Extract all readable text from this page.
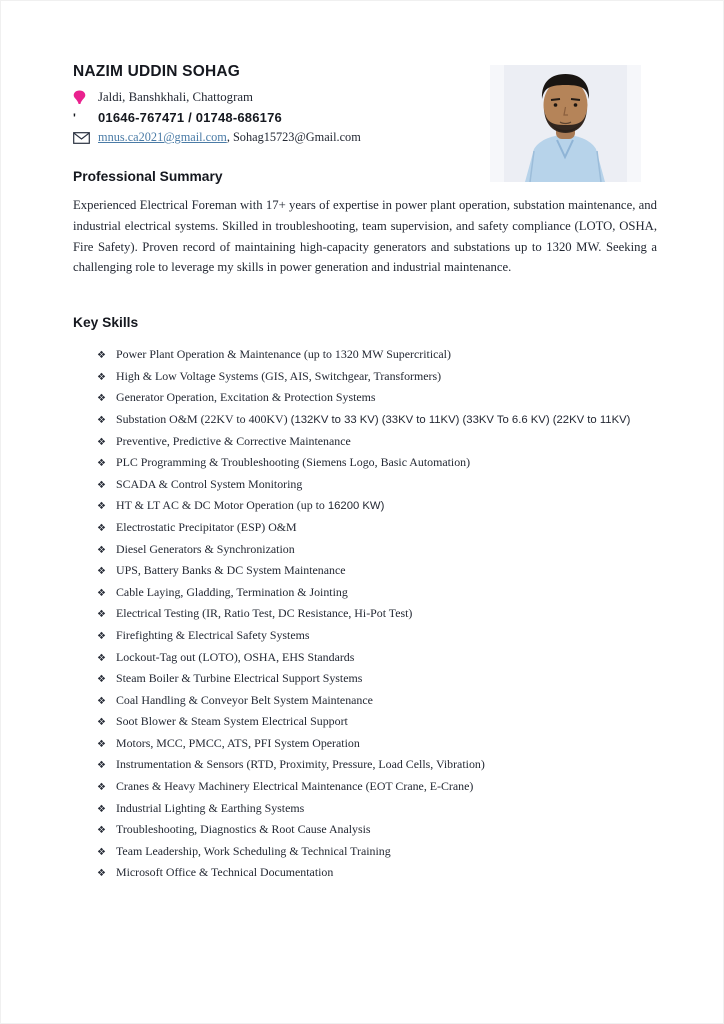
NAZIM UDDIN SOHAG
Jaldi, Banshkhali, Chattogram
'	01646-767471 / 01748-686176
mnus.ca2021@gmail.com, Sohag15723@Gmail.com
Professional Summary

Experienced Electrical Foreman with 17+ years of expertise in power plant operation, substation maintenance, and industrial electrical systems. Skilled in troubleshooting, team supervision, and safety compliance (LOTO, OSHA, Fire Safety). Proven record of maintaining high-capacity generators and substations up to 1320 MW. Seeking a challenging role to leverage my skills in power generation and industrial maintenance.

Key Skills
❖ Power Plant Operation & Maintenance (up to 1320 MW Supercritical)
❖ High & Low Voltage Systems (GIS, AIS, Switchgear, Transformers)
❖ Generator Operation, Excitation & Protection Systems
❖ Substation O&M (22KV to 400KV) (132KV to 33 KV) (33KV to 11KV) (33KV To 6.6 KV) (22KV to 11KV)
❖ Preventive, Predictive & Corrective Maintenance
❖ PLC Programming & Troubleshooting (Siemens Logo, Basic Automation)
❖ SCADA & Control System Monitoring
❖ HT & LT AC & DC Motor Operation (up to 16200 KW)
❖ Electrostatic Precipitator (ESP) O&M
❖ Diesel Generators & Synchronization
❖ UPS, Battery Banks & DC System Maintenance
❖ Cable Laying, Gladding, Termination & Jointing
❖ Electrical Testing (IR, Ratio Test, DC Resistance, Hi-Pot Test)
❖ Firefighting & Electrical Safety Systems
❖ Lockout-Tag out (LOTO), OSHA, EHS Standards
❖ Steam Boiler & Turbine Electrical Support Systems
❖ Coal Handling & Conveyor Belt System Maintenance
❖ Soot Blower & Steam System Electrical Support
❖ Motors, MCC, PMCC, ATS, PFI System Operation
❖ Instrumentation & Sensors (RTD, Proximity, Pressure, Load Cells, Vibration)
❖ Cranes & Heavy Machinery Electrical Maintenance (EOT Crane, E-Crane)
❖ Industrial Lighting & Earthing Systems
❖ Troubleshooting, Diagnostics & Root Cause Analysis
❖ Team Leadership, Work Scheduling & Technical Training
❖ Microsoft Office & Technical Documentation
